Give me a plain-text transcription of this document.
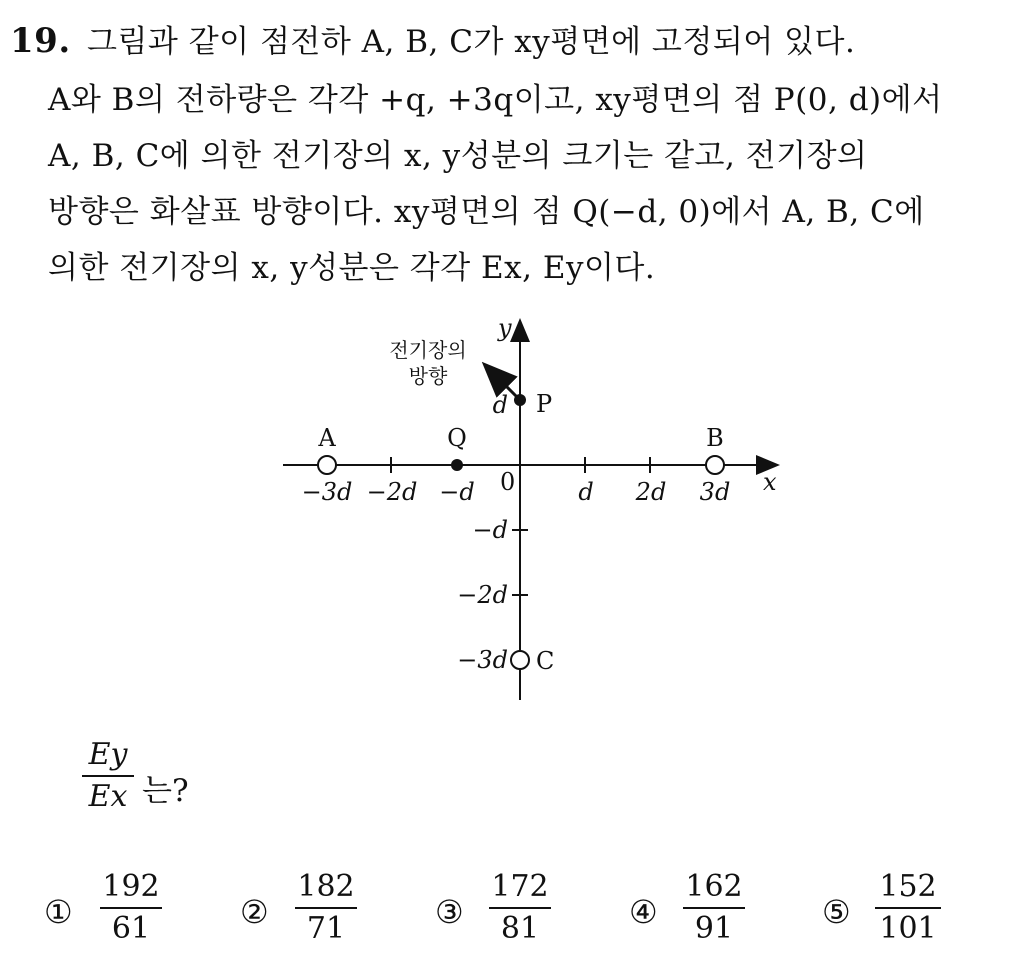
19. 그림과 같이 점전하 A, B, C가 xy평면에 고정되어 있다.
A와 B의 전하량은 각각 +q, +3q이고, xy평면의 점 P(0, d)에서
A, B, C에 의한 전기장의 x, y성분의 크기는 같고, 전기장의
방향은 화살표 방향이다. xy평면의 점 Q(−d, 0)에서 A, B, C에
의한 전기장의 x, y성분은 각각 Ex, Ey이다.
x
y
0
−3d −2d −d	d 2d 3d
d
−d
−2d
−3d
A	B
C
Q
P
전기장의
방향
Ey
Ex 는?
①
192
61	②
182
71	③
172
81	④
162
91	⑤
152
101
